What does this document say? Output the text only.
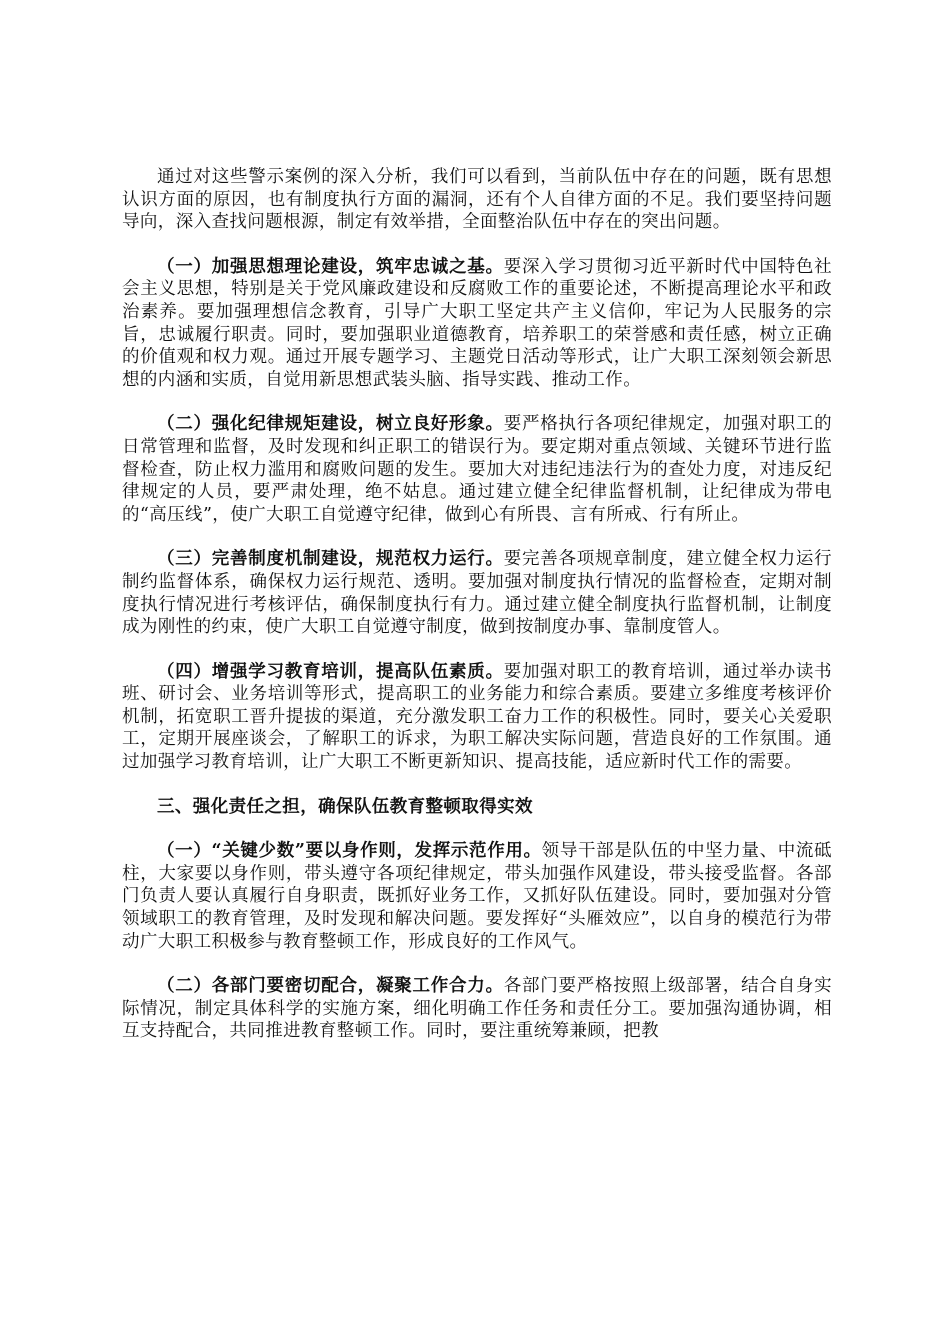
通过对这些警示案例的深入分析，我们可以看到，当前队伍中存在的问题，既有思想认识方面的原因，也有制度执行方面的漏洞，还有个人自律方面的不足。我们要坚持问题导向，深入查找问题根源，制定有效举措，全面整治队伍中存在的突出问题。

（一）加强思想理论建设，筑牢忠诚之基。要深入学习贯彻习近平新时代中国特色社会主义思想，特别是关于党风廉政建设和反腐败工作的重要论述，不断提高理论水平和政治素养。要加强理想信念教育，引导广大职工坚定共产主义信仰，牢记为人民服务的宗旨，忠诚履行职责。同时，要加强职业道德教育，培养职工的荣誉感和责任感，树立正确的价值观和权力观。通过开展专题学习、主题党日活动等形式，让广大职工深刻领会新思想的内涵和实质，自觉用新思想武装头脑、指导实践、推动工作。

（二）强化纪律规矩建设，树立良好形象。要严格执行各项纪律规定，加强对职工的日常管理和监督，及时发现和纠正职工的错误行为。要定期对重点领域、关键环节进行监督检查，防止权力滥用和腐败问题的发生。要加大对违纪违法行为的查处力度，对违反纪律规定的人员，要严肃处理，绝不姑息。通过建立健全纪律监督机制，让纪律成为带电的“高压线”，使广大职工自觉遵守纪律，做到心有所畏、言有所戒、行有所止。

（三）完善制度机制建设，规范权力运行。要完善各项规章制度，建立健全权力运行制约监督体系，确保权力运行规范、透明。要加强对制度执行情况的监督检查，定期对制度执行情况进行考核评估，确保制度执行有力。通过建立健全制度执行监督机制，让制度成为刚性的约束，使广大职工自觉遵守制度，做到按制度办事、靠制度管人。

（四）增强学习教育培训，提高队伍素质。要加强对职工的教育培训，通过举办读书班、研讨会、业务培训等形式，提高职工的业务能力和综合素质。要建立多维度考核评价机制，拓宽职工晋升提拔的渠道，充分激发职工奋力工作的积极性。同时，要关心关爱职工，定期开展座谈会，了解职工的诉求，为职工解决实际问题，营造良好的工作氛围。通过加强学习教育培训，让广大职工不断更新知识、提高技能，适应新时代工作的需要。

三、强化责任之担，确保队伍教育整顿取得实效

（一）“关键少数”要以身作则，发挥示范作用。领导干部是队伍的中坚力量、中流砥柱，大家要以身作则，带头遵守各项纪律规定，带头加强作风建设，带头接受监督。各部门负责人要认真履行自身职责，既抓好业务工作，又抓好队伍建设。同时，要加强对分管领域职工的教育管理，及时发现和解决问题。要发挥好“头雁效应”，以自身的模范行为带动广大职工积极参与教育整顿工作，形成良好的工作风气。

（二）各部门要密切配合，凝聚工作合力。各部门要严格按照上级部署，结合自身实际情况，制定具体科学的实施方案，细化明确工作任务和责任分工。要加强沟通协调，相互支持配合，共同推进教育整顿工作。同时，要注重统筹兼顾，把教
